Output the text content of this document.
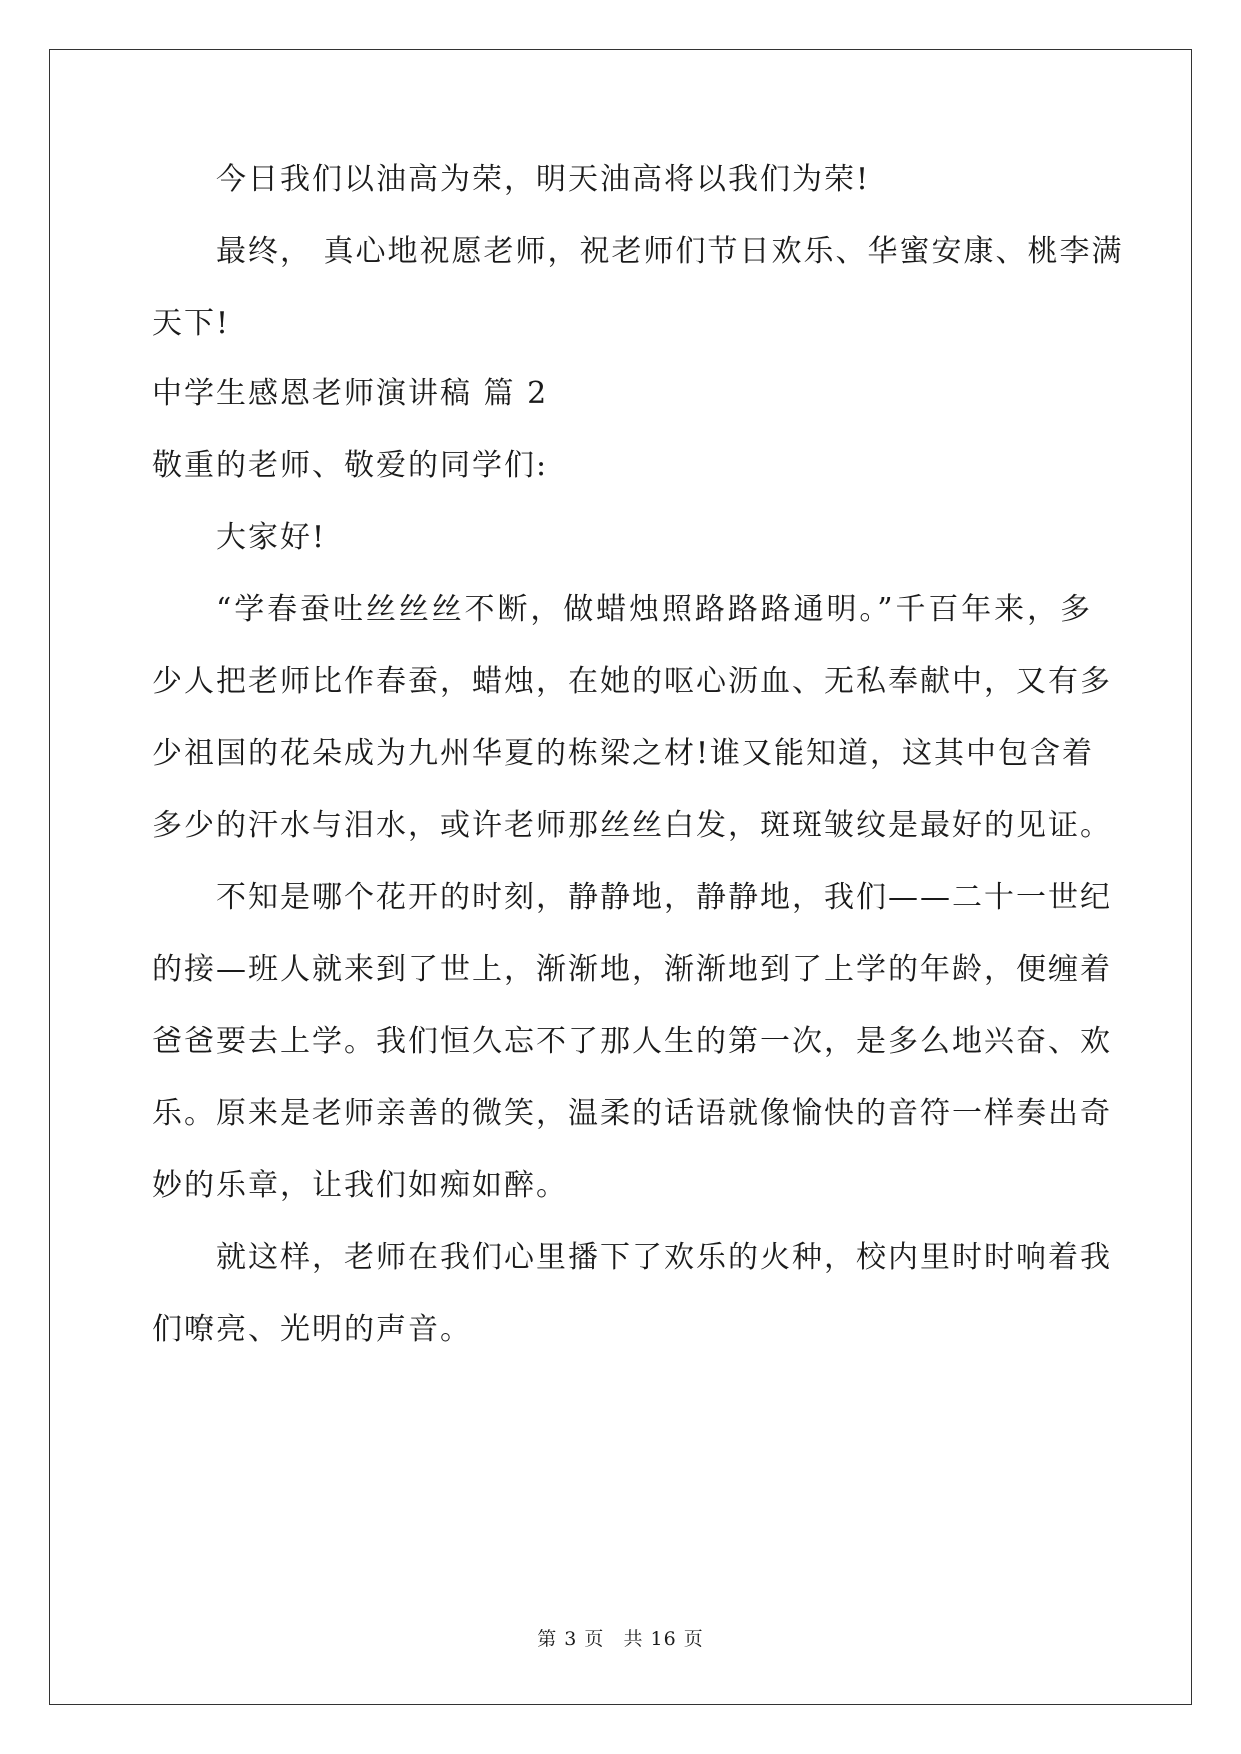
今日我们以油高为荣，明天油高将以我们为荣!
最终， 真心地祝愿老师，祝老师们节日欢乐、华蜜安康、桃李满
天下!
中学生感恩老师演讲稿 篇 2
敬重的老师、敬爱的同学们:
大家好!
“学春蚕吐丝丝丝不断，做蜡烛照路路路通明。”千百年来，多
少人把老师比作春蚕，蜡烛，在她的呕心沥血、无私奉献中，又有多
少祖国的花朵成为九州华夏的栋梁之材!谁又能知道，这其中包含着
多少的汗水与泪水，或许老师那丝丝白发，斑斑皱纹是最好的见证。
不知是哪个花开的时刻，静静地，静静地，我们——二十一世纪
的接—班人就来到了世上，渐渐地，渐渐地到了上学的年龄，便缠着
爸爸要去上学。我们恒久忘不了那人生的第一次，是多么地兴奋、欢
乐。原来是老师亲善的微笑，温柔的话语就像愉快的音符一样奏出奇
妙的乐章，让我们如痴如醉。
就这样，老师在我们心里播下了欢乐的火种，校内里时时响着我
们嘹亮、光明的声音。
第 3 页 共 16 页
